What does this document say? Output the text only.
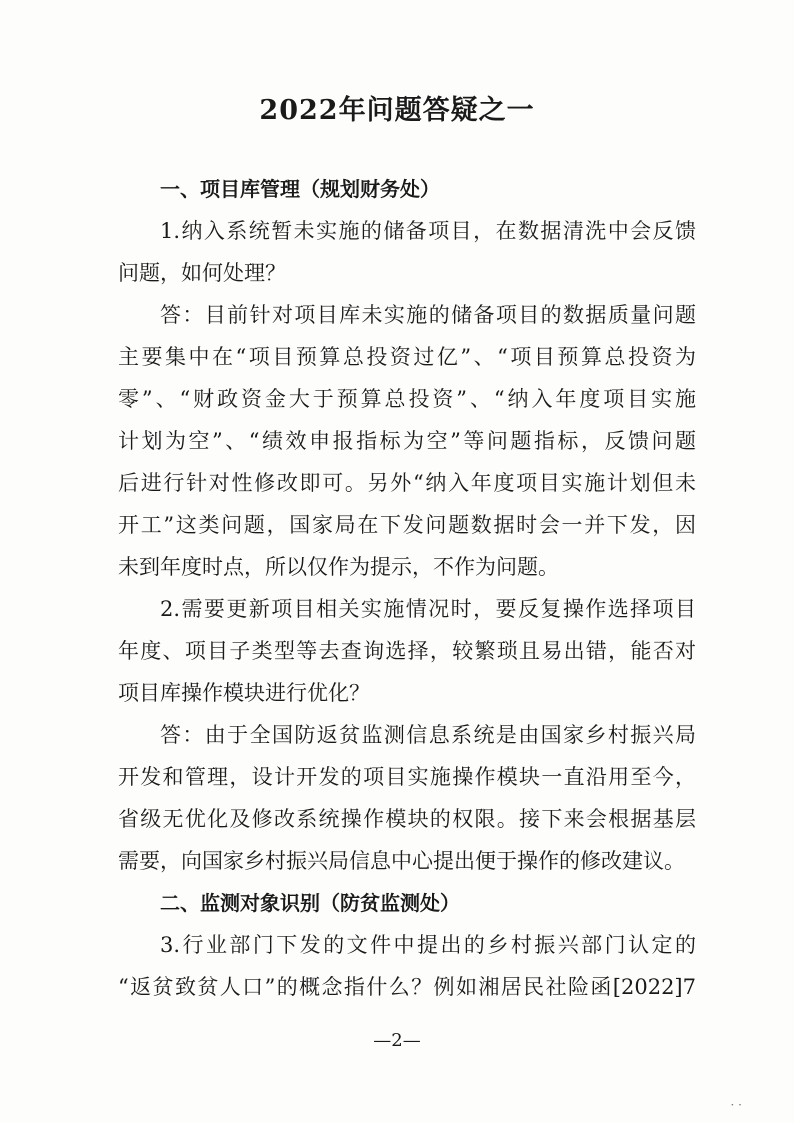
2022年问题答疑之一
一、项目库管理（规划财务处）
1.纳入系统暂未实施的储备项目，在数据清洗中会反馈
问题，如何处理？
答：目前针对项目库未实施的储备项目的数据质量问题
主要集中在“项目预算总投资过亿”、“项目预算总投资为
零”、“财政资金大于预算总投资”、“纳入年度项目实施
计划为空”、“绩效申报指标为空”等问题指标，反馈问题
后进行针对性修改即可。另外“纳入年度项目实施计划但未
开工”这类问题，国家局在下发问题数据时会一并下发，因
未到年度时点，所以仅作为提示，不作为问题。
2.需要更新项目相关实施情况时，要反复操作选择项目
年度、项目子类型等去查询选择，较繁琐且易出错，能否对
项目库操作模块进行优化？
答：由于全国防返贫监测信息系统是由国家乡村振兴局
开发和管理，设计开发的项目实施操作模块一直沿用至今，
省级无优化及修改系统操作模块的权限。接下来会根据基层
需要，向国家乡村振兴局信息中心提出便于操作的修改建议。
二、监测对象识别（防贫监测处）
3.行业部门下发的文件中提出的乡村振兴部门认定的
“返贫致贫人口”的概念指什么？例如湘居民社险函[2022]7

—2—

· ·
